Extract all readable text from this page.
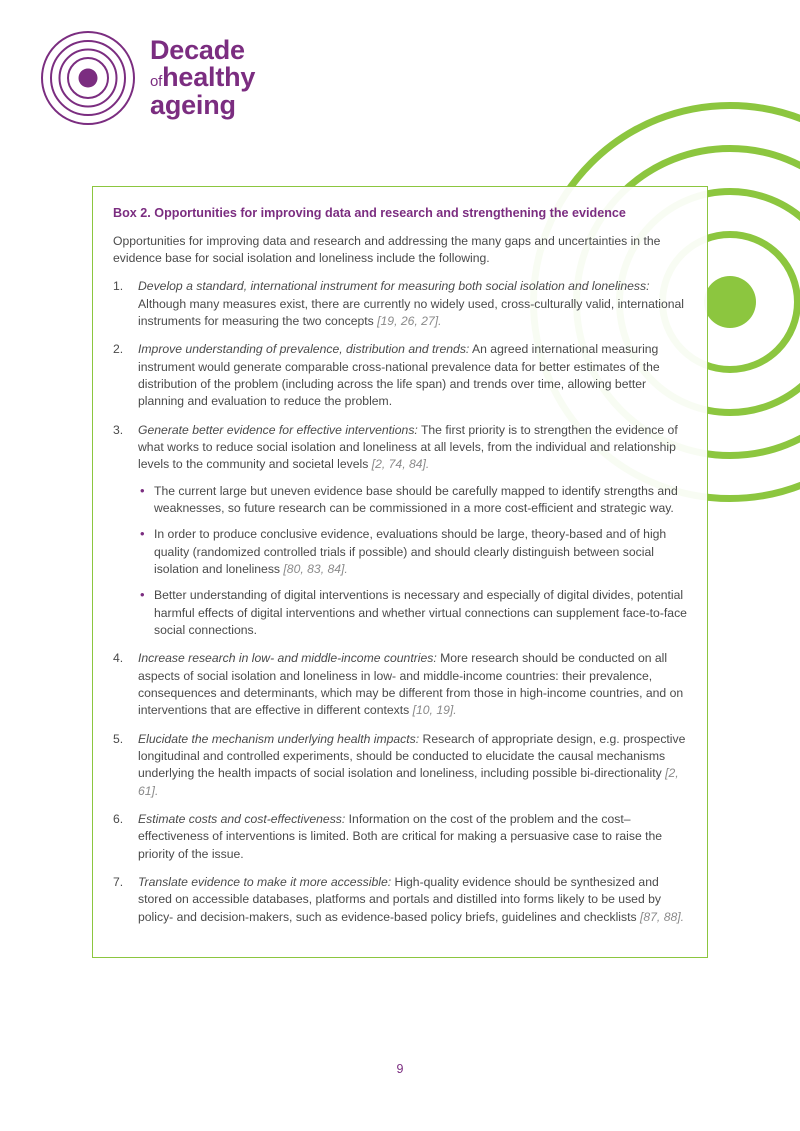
Decade
ofhealthy
ageing
Box 2. Opportunities for improving data and research and strengthening the evidence
Opportunities for improving data and research and addressing the many gaps and uncertainties in the evidence base for social isolation and loneliness include the following.
1.	Develop a standard, international instrument for measuring both social isolation and loneliness: Although many measures exist, there are currently no widely used, cross-culturally valid, international instruments for measuring the two concepts [19, 26, 27].
2.	Improve understanding of prevalence, distribution and trends: An agreed international measuring instrument would generate comparable cross-national prevalence data for better estimates of the distribution of the problem (including across the life span) and trends over time, allowing better planning and evaluation to reduce the problem.
3.	Generate better evidence for effective interventions: The first priority is to strengthen the evidence of what works to reduce social isolation and loneliness at all levels, from the individual and relationship levels to the community and societal levels [2, 74, 84].
• The current large but uneven evidence base should be carefully mapped to identify strengths and weaknesses, so future research can be commissioned in a more cost-efficient and strategic way.
• In order to produce conclusive evidence, evaluations should be large, theory-based and of high quality (randomized controlled trials if possible) and should clearly distinguish between social isolation and loneliness [80, 83, 84].
• Better understanding of digital interventions is necessary and especially of digital divides, potential harmful effects of digital interventions and whether virtual connections can supplement face-to-face social connections.
4.	Increase research in low- and middle-income countries: More research should be conducted on all aspects of social isolation and loneliness in low- and middle-income countries: their prevalence, consequences and determinants, which may be different from those in high-income countries, and on interventions that are effective in different contexts [10, 19].
5.	Elucidate the mechanism underlying health impacts: Research of appropriate design, e.g. prospective longitudinal and controlled experiments, should be conducted to elucidate the causal mechanisms underlying the health impacts of social isolation and loneliness, including possible bi-directionality [2, 61].
6.	Estimate costs and cost-effectiveness: Information on the cost of the problem and the cost–effectiveness of interventions is limited. Both are critical for making a persuasive case to raise the priority of the issue.
7.	Translate evidence to make it more accessible: High-quality evidence should be synthesized and stored on accessible databases, platforms and portals and distilled into forms likely to be used by policy- and decision-makers, such as evidence-based policy briefs, guidelines and checklists [87, 88].
9
